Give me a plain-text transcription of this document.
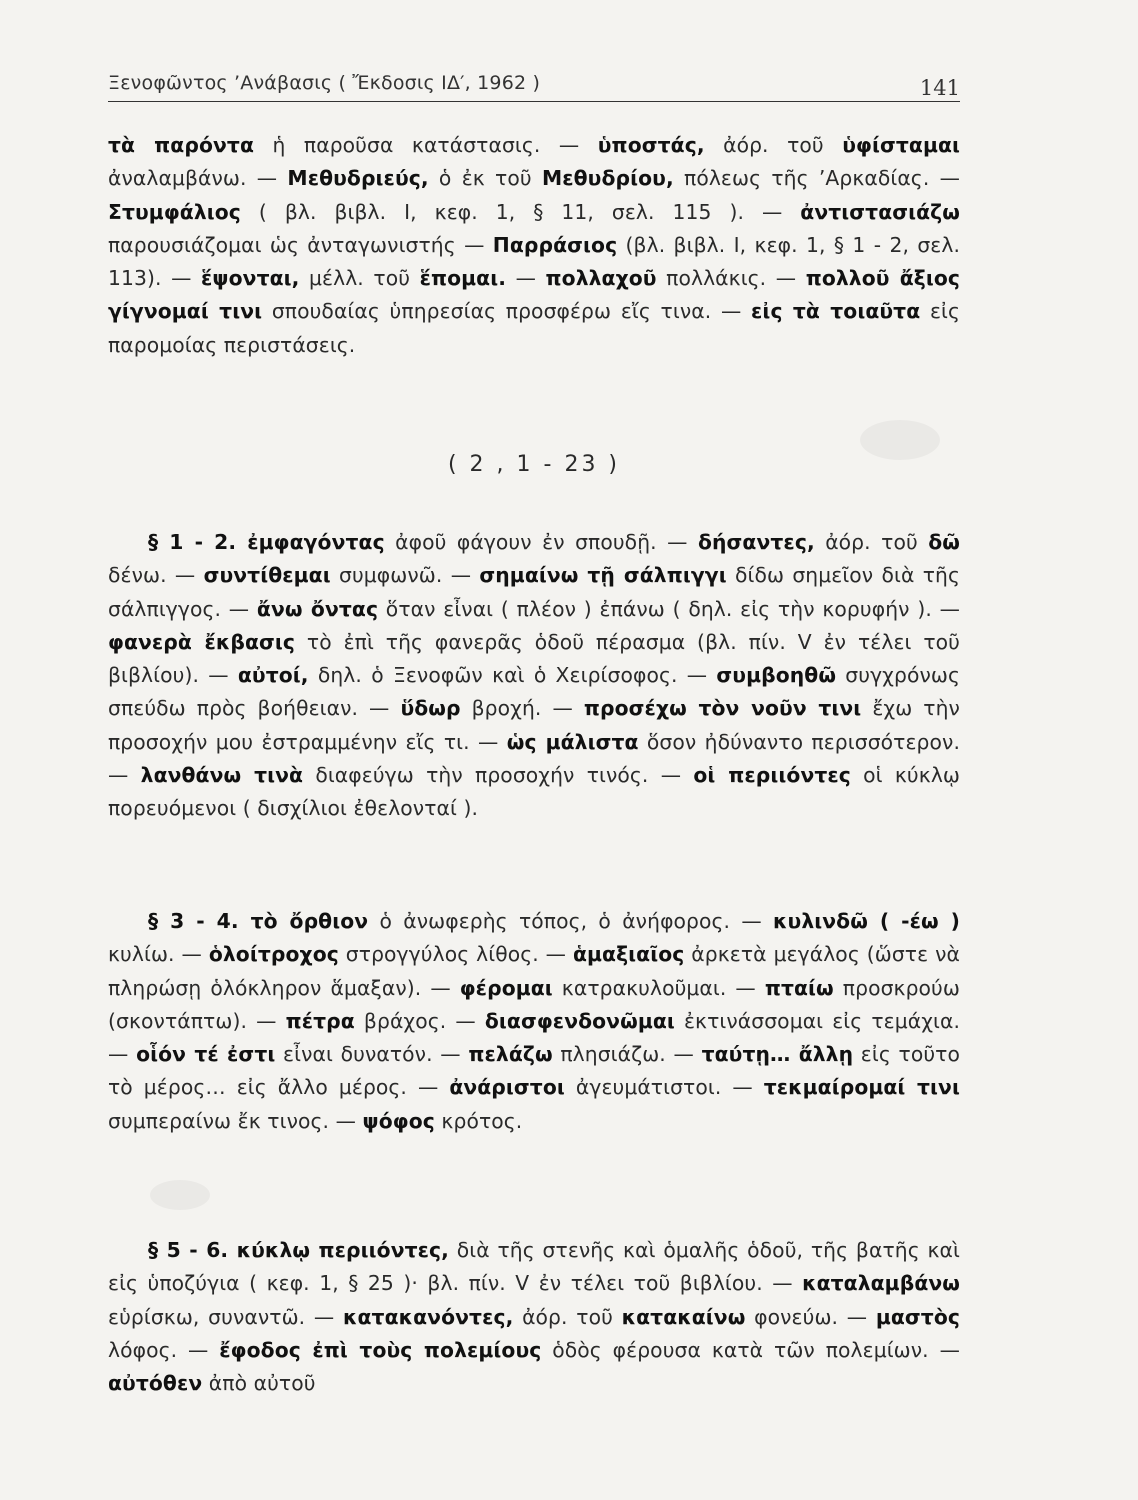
Ξενοφῶντος ’Ανάβασις ( Ἔκδοσις ΙΔ′, 1962 )	141
τὰ παρόντα ἡ παροῦσα κατάστασις. — ὑποστάς, ἀόρ. τοῦ ὑφίσταμαι ἀναλαμβάνω. — Μεθυδριεύς, ὁ ἐκ τοῦ Μεθυδρίου, πόλεως τῆς ’Αρκαδίας. — Στυμφάλιος ( βλ. βιβλ. Ι, κεφ. 1, § 11, σελ. 115 ). — ἀντιστασιάζω παρουσιάζομαι ὡς ἀνταγωνιστής — Παρράσιος (βλ. βιβλ. Ι, κεφ. 1, § 1 - 2, σελ. 113). — ἕψονται, μέλλ. τοῦ ἕπομαι. — πολλαχοῦ πολλάκις. — πολλοῦ ἄξιος γίγνομαί τινι σπουδαίας ὑπηρεσίας προσφέρω εἴς τινα. — εἰς τὰ τοιαῦτα εἰς παρομοίας περιστάσεις.
( 2 , 1 - 23 )
§ 1 - 2. ἐμφαγόντας ἀφοῦ φάγουν ἐν σπουδῇ. — δήσαντες, ἀόρ. τοῦ δῶ δένω. — συντίθεμαι συμφωνῶ. — σημαίνω τῇ σάλπιγγι δίδω σημεῖον διὰ τῆς σάλπιγγος. — ἄνω ὄντας ὅταν εἶναι ( πλέον ) ἐπάνω ( δηλ. εἰς τὴν κορυφήν ). — φανερὰ ἔκβασις τὸ ἐπὶ τῆς φανερᾶς ὁδοῦ πέρασμα (βλ. πίν. V ἐν τέλει τοῦ βιβλίου). — αὐτοί, δηλ. ὁ Ξενοφῶν καὶ ὁ Χειρίσοφος. — συμβοηθῶ συγχρόνως σπεύδω πρὸς βοήθειαν. — ὕδωρ βροχή. — προσέχω τὸν νοῦν τινι ἔχω τὴν προσοχήν μου ἐστραμμένην εἴς τι. — ὡς μάλιστα ὅσον ἠδύναντο περισσότερον. — λανθάνω τινὰ διαφεύγω τὴν προσοχήν τινός. — οἱ περιιόντες οἱ κύκλῳ πορευόμενοι ( δισχίλιοι ἐθελονταί ).
§ 3 - 4. τὸ ὄρθιον ὁ ἀνωφερὴς τόπος, ὁ ἀνήφορος. — κυλινδῶ ( -έω ) κυλίω. — ὁλοίτροχος στρογγύλος λίθος. — ἁμαξιαῖος ἀρκετὰ μεγάλος (ὥστε νὰ πληρώσῃ ὁλόκληρον ἅμαξαν). — φέρομαι κατρακυλοῦμαι. — πταίω προσκρούω (σκοντάπτω). — πέτρα βράχος. — διασφενδονῶμαι ἐκτινάσσομαι εἰς τεμάχια. — οἷόν τέ ἐστι εἶναι δυνατόν. — πελάζω πλησιάζω. — ταύτῃ… ἄλλῃ εἰς τοῦτο τὸ μέρος… εἰς ἄλλο μέρος. — ἀνάριστοι ἀγευμάτιστοι. — τεκμαίρομαί τινι συμπεραίνω ἔκ τινος. — ψόφος κρότος.
§ 5 - 6. κύκλῳ περιιόντες, διὰ τῆς στενῆς καὶ ὁμαλῆς ὁδοῦ, τῆς βατῆς καὶ εἰς ὑποζύγια ( κεφ. 1, § 25 )· βλ. πίν. V ἐν τέλει τοῦ βιβλίου. — καταλαμβάνω εὑρίσκω, συναντῶ. — κατακανόντες, ἀόρ. τοῦ κατακαίνω φονεύω. — μαστὸς λόφος. — ἔφοδος ἐπὶ τοὺς πολεμίους ὁδὸς φέρουσα κατὰ τῶν πολεμίων. — αὐτόθεν ἀπὸ αὐτοῦ
